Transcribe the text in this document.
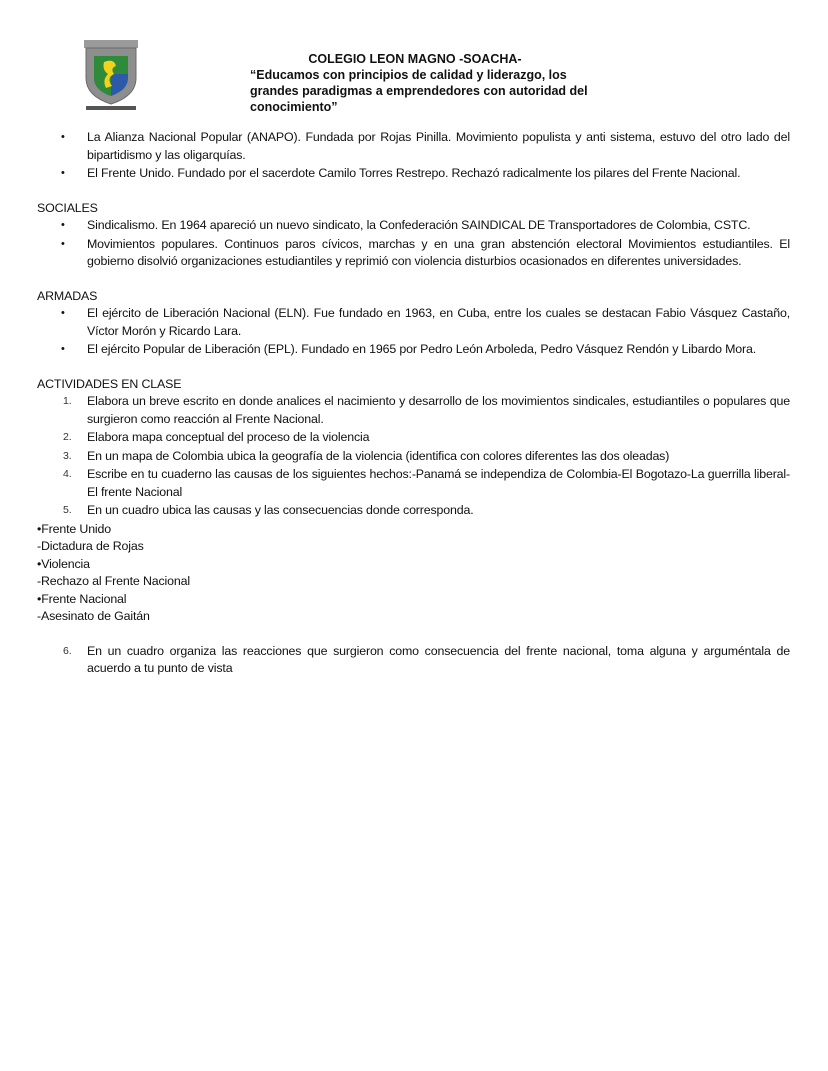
COLEGIO LEON MAGNO -SOACHA-
“Educamos con principios de calidad y liderazgo, los grandes paradigmas a emprendedores con autoridad del conocimiento”
• La Alianza Nacional Popular (ANAPO). Fundada por Rojas Pinilla. Movimiento populista y anti sistema, estuvo del otro lado del bipartidismo y las oligarquías.
• El Frente Unido. Fundado por el sacerdote Camilo Torres Restrepo. Rechazó radicalmente los pilares del Frente Nacional.
SOCIALES
• Sindicalismo. En 1964 apareció un nuevo sindicato, la Confederación SAINDICAL DE Transportadores de Colombia, CSTC.
• Movimientos populares. Continuos paros cívicos, marchas y en una gran abstención electoral Movimientos estudiantiles. El gobierno disolvió organizaciones estudiantiles y reprimió con violencia disturbios ocasionados en diferentes universidades.
ARMADAS
• El ejército de Liberación Nacional (ELN). Fue fundado en 1963, en Cuba, entre los cuales se destacan Fabio Vásquez Castaño, Víctor Morón y Ricardo Lara.
• El ejército Popular de Liberación (EPL). Fundado en 1965 por Pedro León Arboleda, Pedro Vásquez Rendón y Libardo Mora.
ACTIVIDADES EN CLASE
1. Elabora un breve escrito en donde analices el nacimiento y desarrollo de los movimientos sindicales, estudiantiles o populares que surgieron como reacción al Frente Nacional.
2. Elabora mapa conceptual del proceso de la violencia
3. En un mapa de Colombia ubica la geografía de la violencia (identifica con colores diferentes las dos oleadas)
4. Escribe en tu cuaderno las causas de los siguientes hechos:-Panamá se independiza de Colombia-El Bogotazo-La guerrilla liberal-El frente Nacional
5. En un cuadro ubica las causas y las consecuencias donde corresponda.

•Frente Unido

-Dictadura de Rojas

•Violencia

-Rechazo al Frente Nacional

•Frente Nacional

-Asesinato de Gaitán

6. En un cuadro organiza las reacciones que surgieron como consecuencia del frente nacional, toma alguna y arguméntala de acuerdo a tu punto de vista
